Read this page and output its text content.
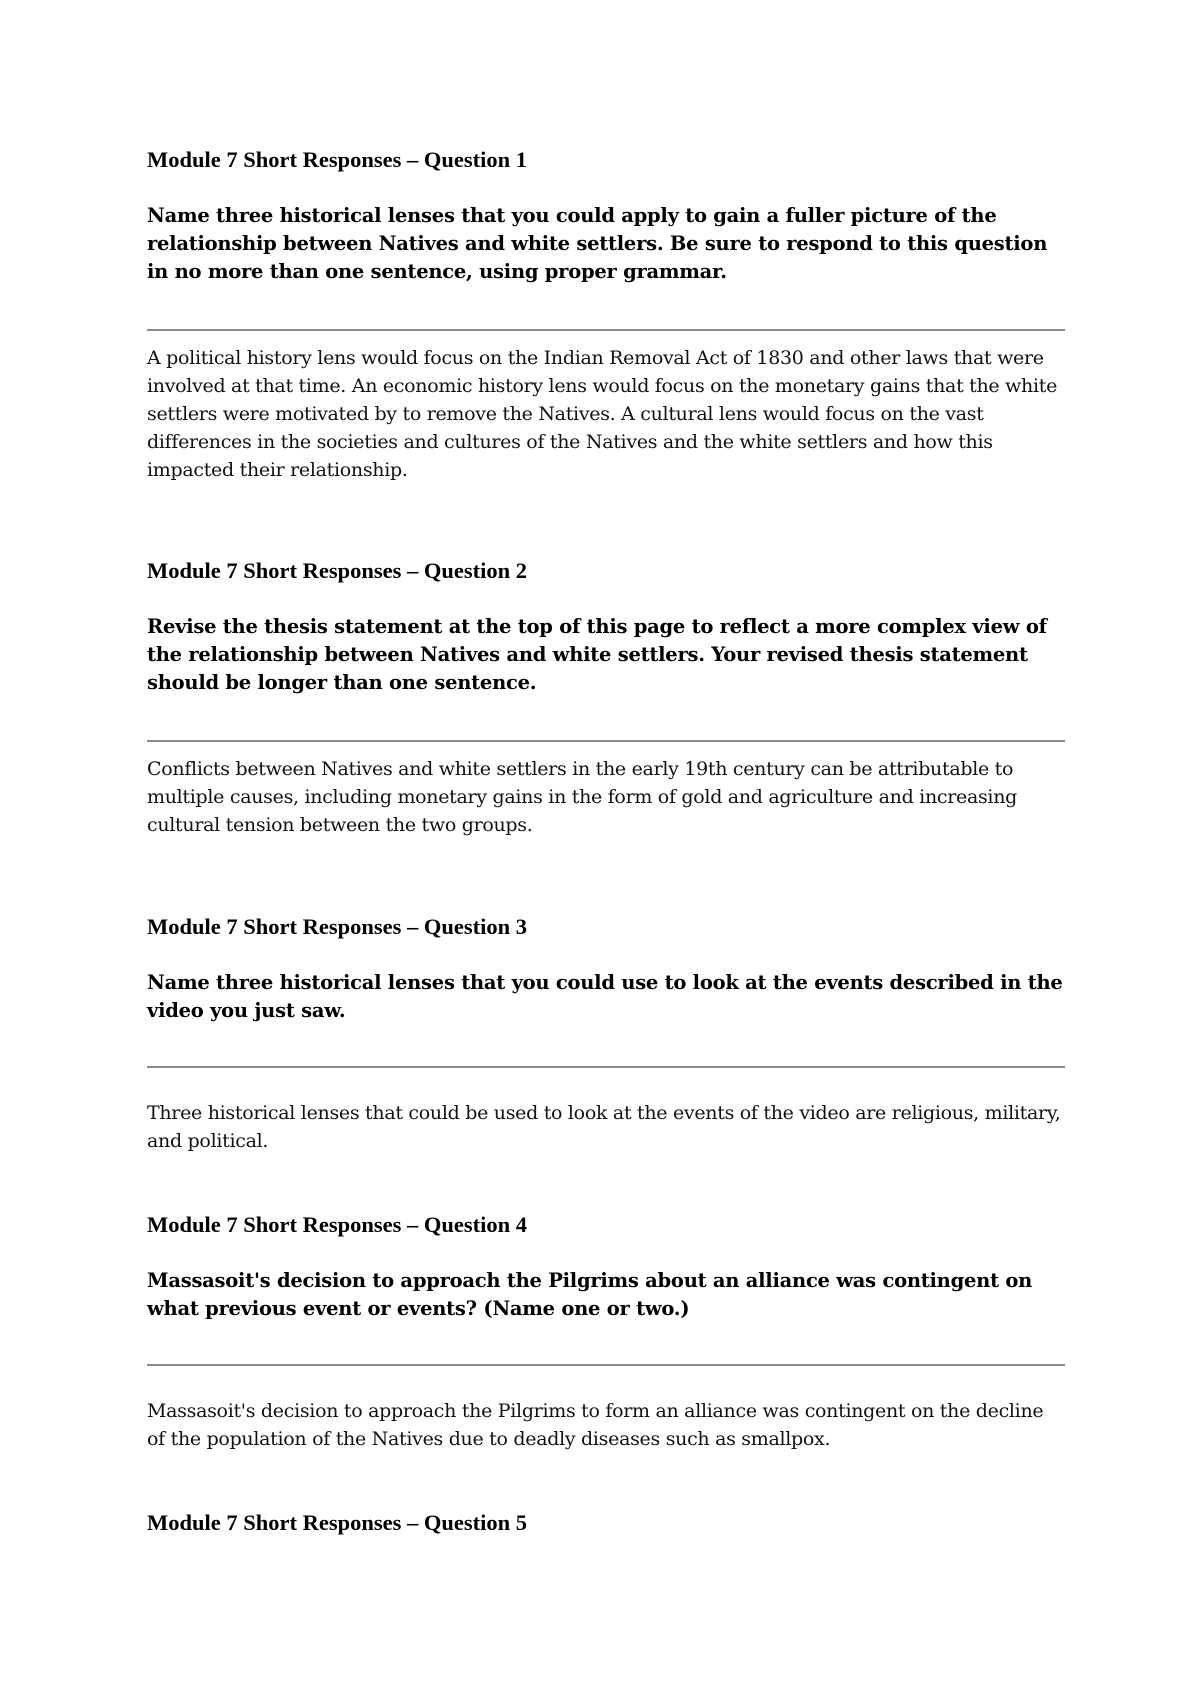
Module 7 Short Responses – Question 1

Name three historical lenses that you could apply to gain a fuller picture of the relationship between Natives and white settlers. Be sure to respond to this question in no more than one sentence, using proper grammar.

A political history lens would focus on the Indian Removal Act of 1830 and other laws that were involved at that time. An economic history lens would focus on the monetary gains that the white settlers were motivated by to remove the Natives. A cultural lens would focus on the vast differences in the societies and cultures of the Natives and the white settlers and how this impacted their relationship.

Module 7 Short Responses – Question 2

Revise the thesis statement at the top of this page to reflect a more complex view of the relationship between Natives and white settlers. Your revised thesis statement should be longer than one sentence.

Conflicts between Natives and white settlers in the early 19th century can be attributable to multiple causes, including monetary gains in the form of gold and agriculture and increasing cultural tension between the two groups.

Module 7 Short Responses – Question 3

Name three historical lenses that you could use to look at the events described in the video you just saw.

Three historical lenses that could be used to look at the events of the video are religious, military, and political.

Module 7 Short Responses – Question 4

Massasoit's decision to approach the Pilgrims about an alliance was contingent on what previous event or events? (Name one or two.)

Massasoit's decision to approach the Pilgrims to form an alliance was contingent on the decline of the population of the Natives due to deadly diseases such as smallpox.

Module 7 Short Responses – Question 5
